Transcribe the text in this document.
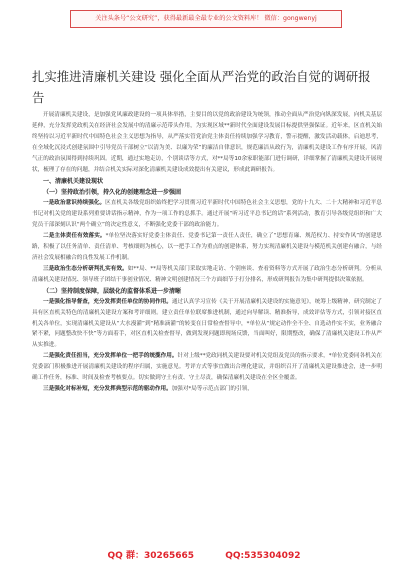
关注头条号“公文研究”，获得最新最全最专业的公文资料库！ 微信：gongwenyj
扎实推进清廉机关建设 强化全面从严治党的政治自觉的调研报告

开展清廉机关建设，是加强党风廉政建设的一项具体举措，主要目的以党的政治建设为统领，推动全面从严治党向纵深发展，向机关基层延伸，充分发挥党政机关在经济社会发展中的清廉示范带头作用，为实现区域**新时代全面建设发展目标提供坚强保证。近年来，区直机关始终坚持以习近平新时代中国特色社会主义思想为指导，从严落实管党治党主体责任持续加强学习教育，警示提醒，激发活动载体，启迪思考，在全域化沉浸式创建氛围中引导党员干部树立“以清为美、以廉为荣”的廉洁自律意识，规范廉洁从政行为，清廉机关建设工作有序开展，风清气正的政治氛围得到持续巩固。近期，通过实地走访，个别谈话等方式，对**局等10余家职能部门进行调研，详细掌握了清廉机关建设开展现状，梳理了存在的问题，并结合机关实际对深化清廉机关建设成效提出有关建议，形成此调研报告。

一、清廉机关建设现状

（一）坚持政治引领，持久化的创建理念进一步强固

一是政治意识持续强化。区直机关各级党组织始终把学习贯彻习近平新时代中国特色社会主义思想，党的十九大、二十大精神和习近平总书记对机关党的建设系列重要讲话指示精神，作为一项工作的总抓手。通过开展“听习近平总书记的话”系列活动，教育引导各级党组织和广大党员干部深刻认识“两个确立”的决定性意义，不断强化党委干部的政治能力。

二是主体责任有效落实。*单位坚决落实好党委主体责任、党委书记第一责任人责任，确立了“思想育廉、规范权力、持安作风”的创建思路，积极了以任务清单、责任清单、考核细则为核心，以一把手工作为重点的创建体系，努力实现清廉机关建设与模范机关创建有融合，与经济社会发展相融合的良性发展工作机制。

三是政治生态分析研判扎实有效。如**局、**局等机关部门采取实地走访、个别座谈、查看资料等方式开展了政治生态分析研判。分析从清廉机关建设情况、领导班子团结干事创业情况、精神文明创建情况三个方面细节于打分排名，形成研判报告为集中研判提供决策依据。

（二）坚持制度保障，层级化的监督体系进一步清晰

一是强化指导督查，充分发挥责任单位的协同作用。通过认真学习宣传《关于开展清廉机关建设的实施意见》，统筹上级精神，研究制定了具有区直机关特色的清廉机关建设方案和考评细则。建立责任单位联席推进机制，通过向导解读、精准指导，成效评估等方式，引领对接区直机关各单位，实现清廉机关建设从“大水漫灌”到“精准滴灌”的转变在日常检查督导中，*单位从“规定动作全不全、自选动作实不实，业务融合紧不紧，问题整改快不快”等方面着手，对区直机关检查督导，做到发现问题即现场反馈，当面叫好，限期整改，确保了清廉机关建设工作从严从实推进。

二是强化责任担当，充分发挥单位一把手的统揽作用。针对上级**党政同机关建设要对机关党组及党员的指示要求，*单位党委同各机关在党委部门积极推进开展清廉机关建设的程序归属，实施意见。考评方式等事宜做出合理化建议，并组织召开了清廉机关建设推进会，进一步明确工作任务，标准、时间及检查考核要点。切实做到守土有责、守土尽责，确保清廉机关建设在全区全覆盖。

三是强化对标补短，充分发挥典型示范的驱动作用。加强对*局等示范点部门的引领，

QQ 群：30265665	QQ:535304092
